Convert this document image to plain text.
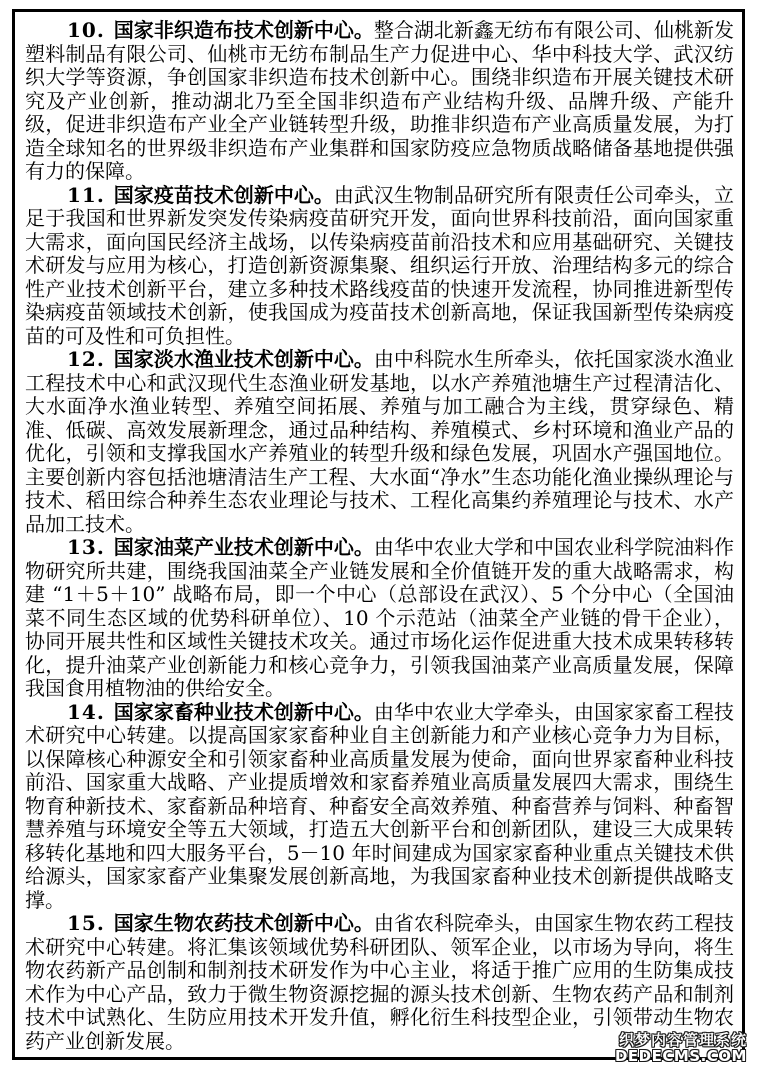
10. 国家非织造布技术创新中心。整合湖北新鑫无纺布有限公司、仙桃新发塑料制品有限公司、仙桃市无纺布制品生产力促进中心、华中科技大学、武汉纺织大学等资源，争创国家非织造布技术创新中心。围绕非织造布开展关键技术研究及产业创新，推动湖北乃至全国非织造布产业结构升级、品牌升级、产能升级，促进非织造布产业全产业链转型升级，助推非织造布产业高质量发展，为打造全球知名的世界级非织造布产业集群和国家防疫应急物质战略储备基地提供强有力的保障。

11. 国家疫苗技术创新中心。由武汉生物制品研究所有限责任公司牵头，立足于我国和世界新发突发传染病疫苗研究开发，面向世界科技前沿，面向国家重大需求，面向国民经济主战场，以传染病疫苗前沿技术和应用基础研究、关键技术研发与应用为核心，打造创新资源集聚、组织运行开放、治理结构多元的综合性产业技术创新平台，建立多种技术路线疫苗的快速开发流程，协同推进新型传染病疫苗领域技术创新，使我国成为疫苗技术创新高地，保证我国新型传染病疫苗的可及性和可负担性。

12. 国家淡水渔业技术创新中心。由中科院水生所牵头，依托国家淡水渔业工程技术中心和武汉现代生态渔业研发基地，以水产养殖池塘生产过程清洁化、大水面净水渔业转型、养殖空间拓展、养殖与加工融合为主线，贯穿绿色、精准、低碳、高效发展新理念，通过品种结构、养殖模式、乡村环境和渔业产品的优化，引领和支撑我国水产养殖业的转型升级和绿色发展，巩固水产强国地位。主要创新内容包括池塘清洁生产工程、大水面“净水”生态功能化渔业操纵理论与技术、稻田综合种养生态农业理论与技术、工程化高集约养殖理论与技术、水产品加工技术。

13. 国家油菜产业技术创新中心。由华中农业大学和中国农业科学院油料作物研究所共建，围绕我国油菜全产业链发展和全价值链开发的重大战略需求，构建 “1＋5＋10” 战略布局，即一个中心（总部设在武汉）、5 个分中心（全国油菜不同生态区域的优势科研单位）、10 个示范站（油菜全产业链的骨干企业），协同开展共性和区域性关键技术攻关。通过市场化运作促进重大技术成果转移转化，提升油菜产业创新能力和核心竞争力，引领我国油菜产业高质量发展，保障我国食用植物油的供给安全。

14. 国家家畜种业技术创新中心。由华中农业大学牵头，由国家家畜工程技术研究中心转建。以提高国家家畜种业自主创新能力和产业核心竞争力为目标，以保障核心种源安全和引领家畜种业高质量发展为使命，面向世界家畜种业科技前沿、国家重大战略、产业提质增效和家畜养殖业高质量发展四大需求，围绕生物育种新技术、家畜新品种培育、种畜安全高效养殖、种畜营养与饲料、种畜智慧养殖与环境安全等五大领域，打造五大创新平台和创新团队，建设三大成果转移转化基地和四大服务平台，5－10 年时间建成为国家家畜种业重点关键技术供给源头，国家家畜产业集聚发展创新高地，为我国家畜种业技术创新提供战略支撑。

15. 国家生物农药技术创新中心。由省农科院牵头，由国家生物农药工程技术研究中心转建。将汇集该领域优势科研团队、领军企业，以市场为导向，将生物农药新产品创制和制剂技术研发作为中心主业，将适于推广应用的生防集成技术作为中心产品，致力于微生物资源挖掘的源头技术创新、生物农药产品和制剂技术中试熟化、生防应用技术开发升值，孵化衍生科技型企业，引领带动生物农药产业创新发展。	织梦内容管理系统
DEDECMS.COM
